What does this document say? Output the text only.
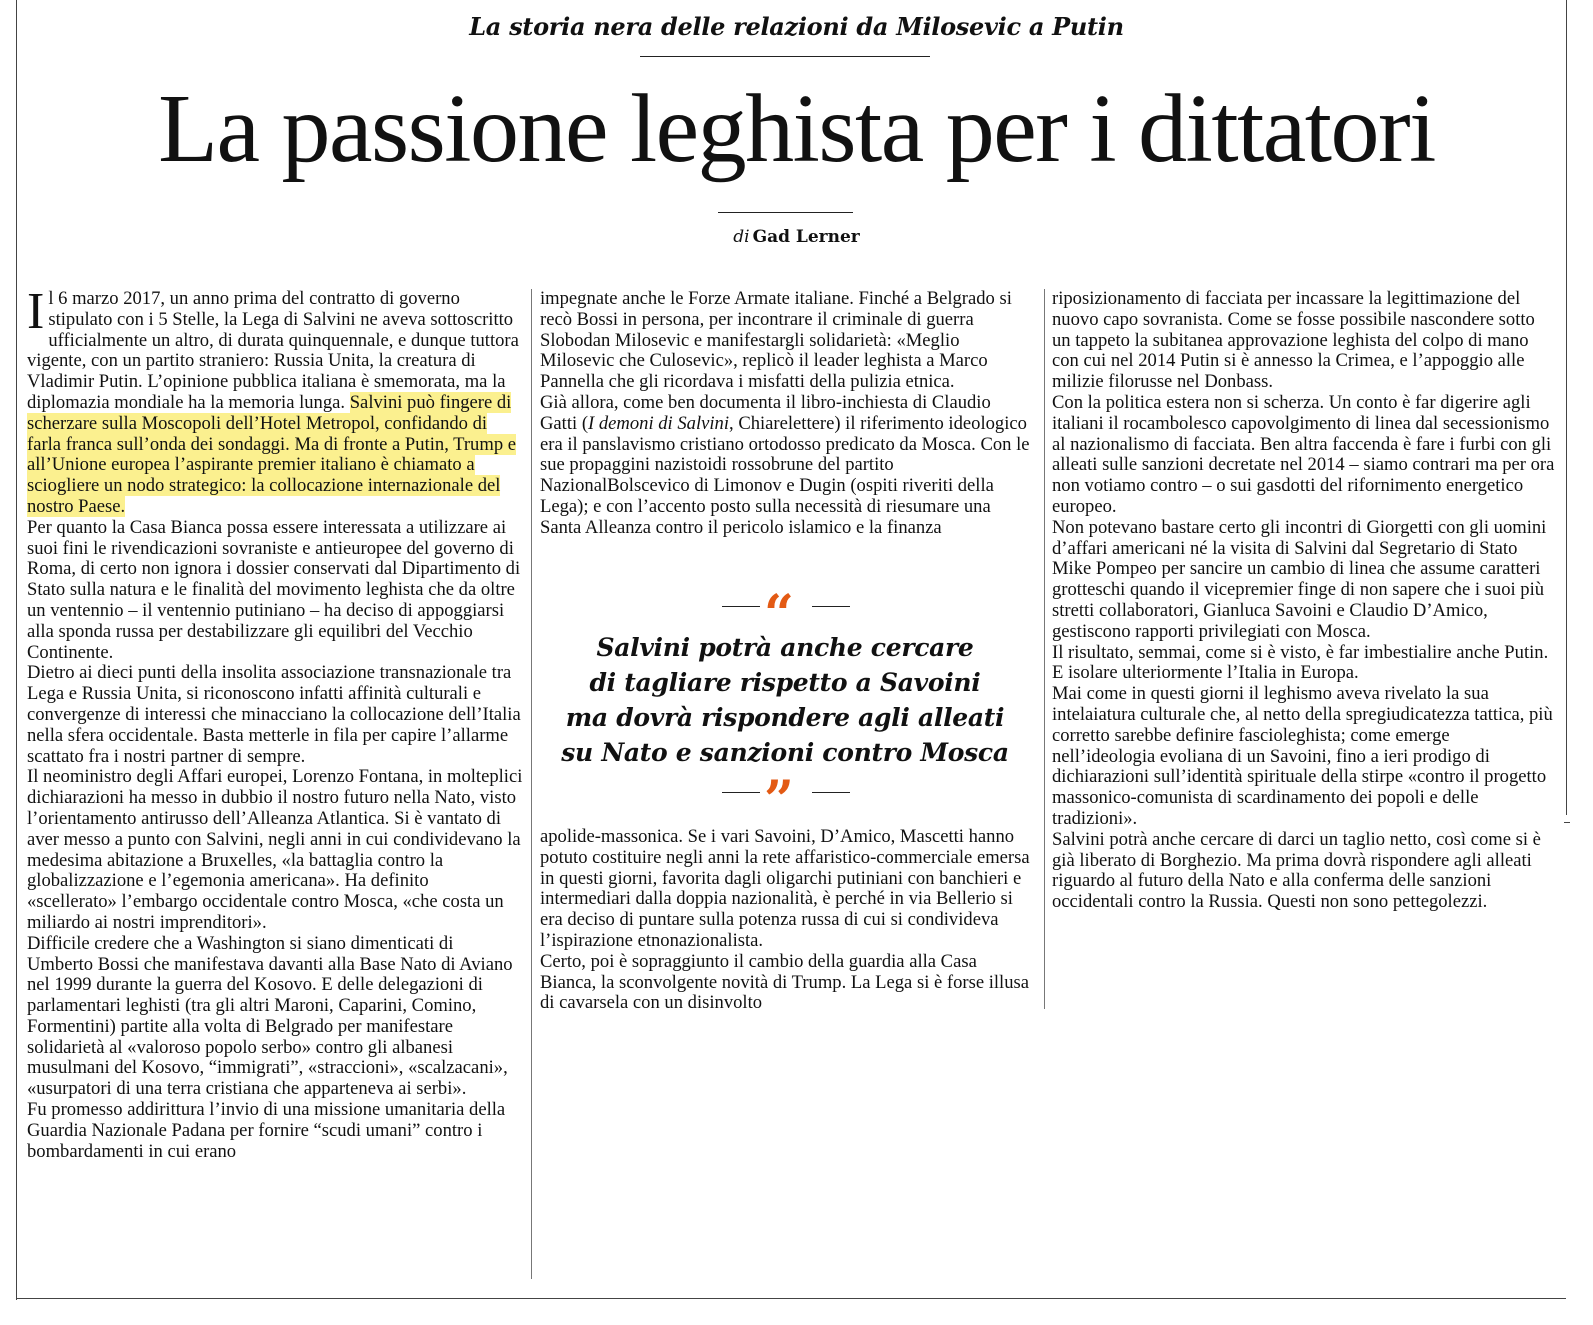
La storia nera delle relazioni da Milosevic a Putin
La passione leghista per i dittatori
di Gad Lerner

Il 6 marzo 2017, un anno prima del contratto di governo stipulato con i 5 Stelle, la Lega di Salvini ne aveva sottoscritto ufficialmente un altro, di durata quinquennale, e dunque tuttora vigente, con un partito straniero: Russia Unita, la creatura di Vladimir Putin. L’opinione pubblica italiana è smemorata, ma la diplomazia mondiale ha la memoria lunga. Salvini può fingere di scherzare sulla Moscopoli dell’Hotel Metropol, confidando di farla franca sull’onda dei sondaggi. Ma di fronte a Putin, Trump e all’Unione europea l’aspirante premier italiano è chiamato a sciogliere un nodo strategico: la collocazione internazionale del nostro Paese.

Per quanto la Casa Bianca possa essere interessata a utilizzare ai suoi fini le rivendicazioni sovraniste e antieuropee del governo di Roma, di certo non ignora i dossier conservati dal Dipartimento di Stato sulla natura e le finalità del movimento leghista che da oltre un ventennio – il ventennio putiniano – ha deciso di appoggiarsi alla sponda russa per destabilizzare gli equilibri del Vecchio Continente.

Dietro ai dieci punti della insolita associazione transnazionale tra Lega e Russia Unita, si riconoscono infatti affinità culturali e convergenze di interessi che minacciano la collocazione dell’Italia nella sfera occidentale. Basta metterle in fila per capire l’allarme scattato fra i nostri partner di sempre.

Il neoministro degli Affari europei, Lorenzo Fontana, in molteplici dichiarazioni ha messo in dubbio il nostro futuro nella Nato, visto l’orientamento antirusso dell’Alleanza Atlantica. Si è vantato di aver messo a punto con Salvini, negli anni in cui condividevano la medesima abitazione a Bruxelles, «la battaglia contro la globalizzazione e l’egemonia americana». Ha definito «scellerato» l’embargo occidentale contro Mosca, «che costa un miliardo ai nostri imprenditori».

Difficile credere che a Washington si siano dimenticati di Umberto Bossi che manifestava davanti alla Base Nato di Aviano nel 1999 durante la guerra del Kosovo. E delle delegazioni di parlamentari leghisti (tra gli altri Maroni, Caparini, Comino, Formentini) partite alla volta di Belgrado per manifestare solidarietà al «valoroso popolo serbo» contro gli albanesi musulmani del Kosovo, “immigrati”, «straccioni», «scalzacani», «usurpatori di una terra cristiana che apparteneva ai serbi».

Fu promesso addirittura l’invio di una missione umanitaria della Guardia Nazionale Padana per fornire “scudi umani” contro i bombardamenti in cui erano

impegnate anche le Forze Armate italiane. Finché a Belgrado si recò Bossi in persona, per incontrare il criminale di guerra Slobodan Milosevic e manifestargli solidarietà: «Meglio Milosevic che Culosevic», replicò il leader leghista a Marco Pannella che gli ricordava i misfatti della pulizia etnica.

Già allora, come ben documenta il libro-inchiesta di Claudio Gatti (I demoni di Salvini, Chiarelettere) il riferimento ideologico era il panslavismo cristiano ortodosso predicato da Mosca. Con le sue propaggini nazistoidi rossobrune del partito NazionalBolscevico di Limonov e Dugin (ospiti riveriti della Lega); e con l’accento posto sulla necessità di riesumare una Santa Alleanza contro il pericolo islamico e la finanza

“
Salvini potrà anche cercare
di tagliare rispetto a Savoini
ma dovrà rispondere agli alleati
su Nato e sanzioni contro Mosca
”

apolide-massonica. Se i vari Savoini, D’Amico, Mascetti hanno potuto costituire negli anni la rete affaristico-commerciale emersa in questi giorni, favorita dagli oligarchi putiniani con banchieri e intermediari dalla doppia nazionalità, è perché in via Bellerio si era deciso di puntare sulla potenza russa di cui si condivideva l’ispirazione etnonazionalista.

Certo, poi è sopraggiunto il cambio della guardia alla Casa Bianca, la sconvolgente novità di Trump. La Lega si è forse illusa di cavarsela con un disinvolto

riposizionamento di facciata per incassare la legittimazione del nuovo capo sovranista. Come se fosse possibile nascondere sotto un tappeto la subitanea approvazione leghista del colpo di mano con cui nel 2014 Putin si è annesso la Crimea, e l’appoggio alle milizie filorusse nel Donbass.

Con la politica estera non si scherza. Un conto è far digerire agli italiani il rocambolesco capovolgimento di linea dal secessionismo al nazionalismo di facciata. Ben altra faccenda è fare i furbi con gli alleati sulle sanzioni decretate nel 2014 – siamo contrari ma per ora non votiamo contro – o sui gasdotti del rifornimento energetico europeo.

Non potevano bastare certo gli incontri di Giorgetti con gli uomini d’affari americani né la visita di Salvini dal Segretario di Stato Mike Pompeo per sancire un cambio di linea che assume caratteri grotteschi quando il vicepremier finge di non sapere che i suoi più stretti collaboratori, Gianluca Savoini e Claudio D’Amico, gestiscono rapporti privilegiati con Mosca.

Il risultato, semmai, come si è visto, è far imbestialire anche Putin. E isolare ulteriormente l’Italia in Europa.

Mai come in questi giorni il leghismo aveva rivelato la sua intelaiatura culturale che, al netto della spregiudicatezza tattica, più corretto sarebbe definire fascioleghista; come emerge nell’ideologia evoliana di un Savoini, fino a ieri prodigo di dichiarazioni sull’identità spirituale della stirpe «contro il progetto massonico-comunista di scardinamento dei popoli e delle tradizioni».

Salvini potrà anche cercare di darci un taglio netto, così come si è già liberato di Borghezio. Ma prima dovrà rispondere agli alleati riguardo al futuro della Nato e alla conferma delle sanzioni occidentali contro la Russia. Questi non sono pettegolezzi.
